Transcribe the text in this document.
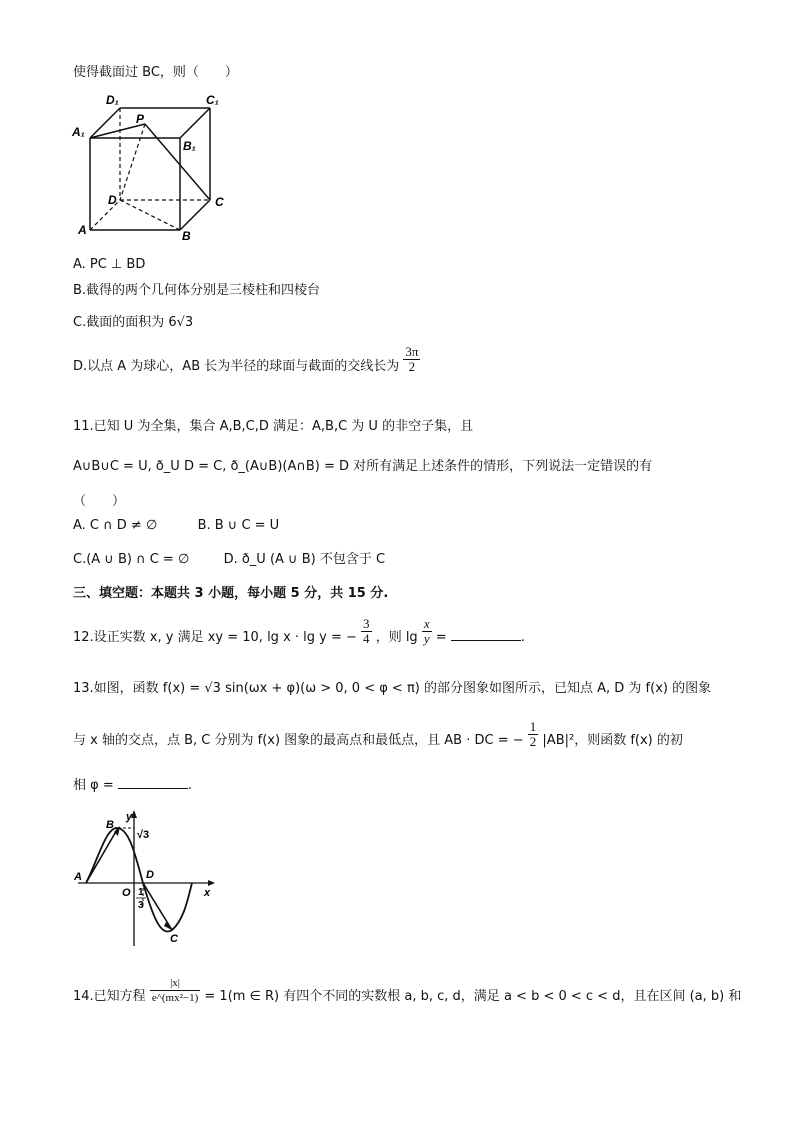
使得截面过 BC，则（　　）
D₁	C₁
A₁
P
B₁
D	C
A	B
A. PC ⊥ BD
B.截得的两个几何体分别是三棱柱和四棱台
C.截面的面积为 6√3
D.以点 A 为球心，AB 长为半径的球面与截面的交线长为 $\frac{3\pi}{2}$
11.已知 U 为全集，集合 A,B,C,D 满足：A,B,C 为 U 的非空子集，且
A∪B∪C = U, ð_U D = C, ð_(A∪B)(A∩B) = D 对所有满足上述条件的情形，下列说法一定错误的有
（　　）
A. C ∩ D ≠ ∅	B. B ∪ C = U
C.(A ∪ B) ∩ C = ∅	D. ð_U (A ∪ B) 不包含于 C
三、填空题：本题共 3 小题，每小题 5 分，共 15 分.
12.设正实数 x, y 满足 xy = 10, lg x · lg y = − $\frac{3}{4}$ ，则 $\lg \frac{x}{y}$ =	.
13.如图，函数 f(x) = √3 sin(ωx + φ)(ω > 0, 0 < φ < π) 的部分图象如图所示，已知点 A, D 为 f(x) 的图象
与 x 轴的交点，点 B, C 分别为 f(x) 图象的最高点和最低点，且 AB · DC = − $\frac{1}{2} |AB|^2$，则函数 f(x) 的初
相 φ =	.
y
x
B
√3
A
O
D
1
3
C
14.已知方程 $\frac{|x|}{\text{e\textasciicircum{}(mx²−1)}} = 1(m$ ∈ R) 有四个不同的实数根 a, b, c, d，满足 a < b < 0 < c < d，且在区间 (a, b) 和
